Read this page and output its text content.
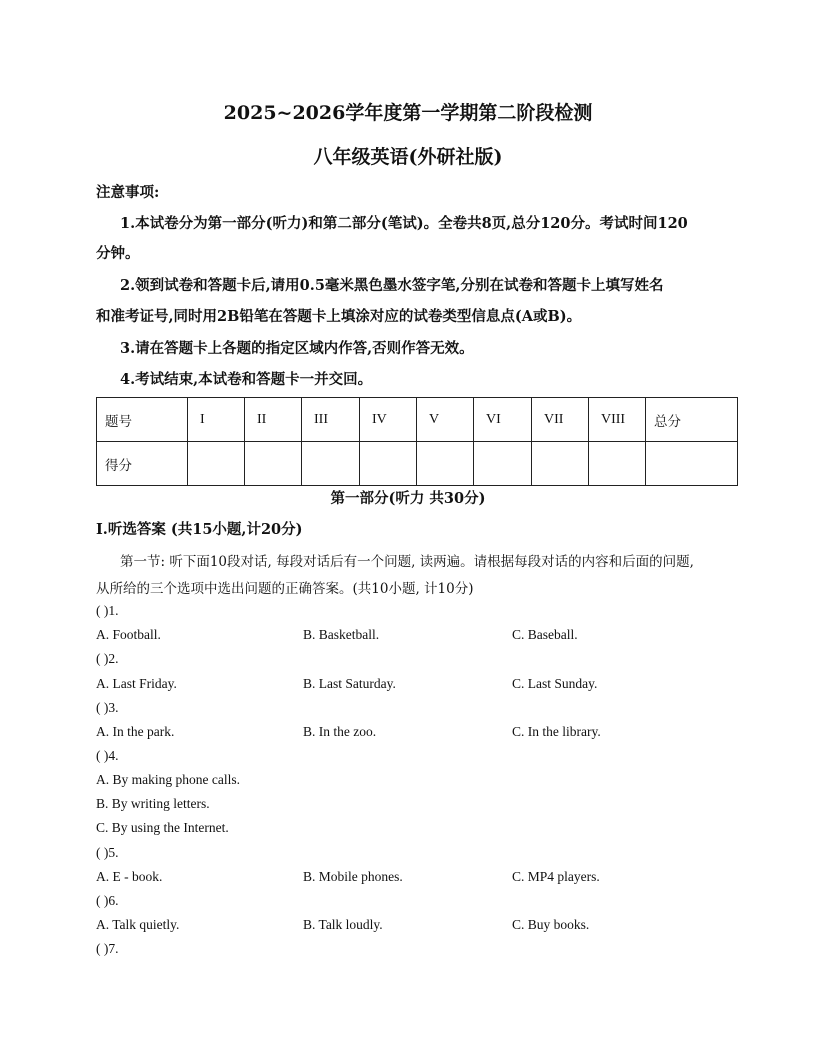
2025~2026学年度第一学期第二阶段检测
八年级英语(外研社版)
注意事项:
1.本试卷分为第一部分(听力)和第二部分(笔试)。全卷共8页,总分120分。考试时间120
分钟。
2.领到试卷和答题卡后,请用0.5毫米黑色墨水签字笔,分别在试卷和答题卡上填写姓名
和准考证号,同时用2B铅笔在答题卡上填涂对应的试卷类型信息点(A或B)。
3.请在答题卡上各题的指定区域内作答,否则作答无效。
4.考试结束,本试卷和答题卡一并交回。
题号	I	II	III	IV	V	VI	VII	VIII	总分
得分									
第一部分(听力 共30分)
Ⅰ.听选答案 (共15小题,计20分)
第一节: 听下面10段对话, 每段对话后有一个问题, 读两遍。请根据每段对话的内容和后面的问题,
从所给的三个选项中选出问题的正确答案。(共10小题, 计10分)
( )1.
A. Football.	B. Basketball.	C. Baseball.
( )2.
A. Last Friday.	B. Last Saturday.	C. Last Sunday.
( )3.
A. In the park.	B. In the zoo.	C. In the library.
( )4.
A. By making phone calls.
B. By writing letters.
C. By using the Internet.
( )5.
A. E - book.	B. Mobile phones.	C. MP4 players.
( )6.
A. Talk quietly.	B. Talk loudly.	C. Buy books.
( )7.
